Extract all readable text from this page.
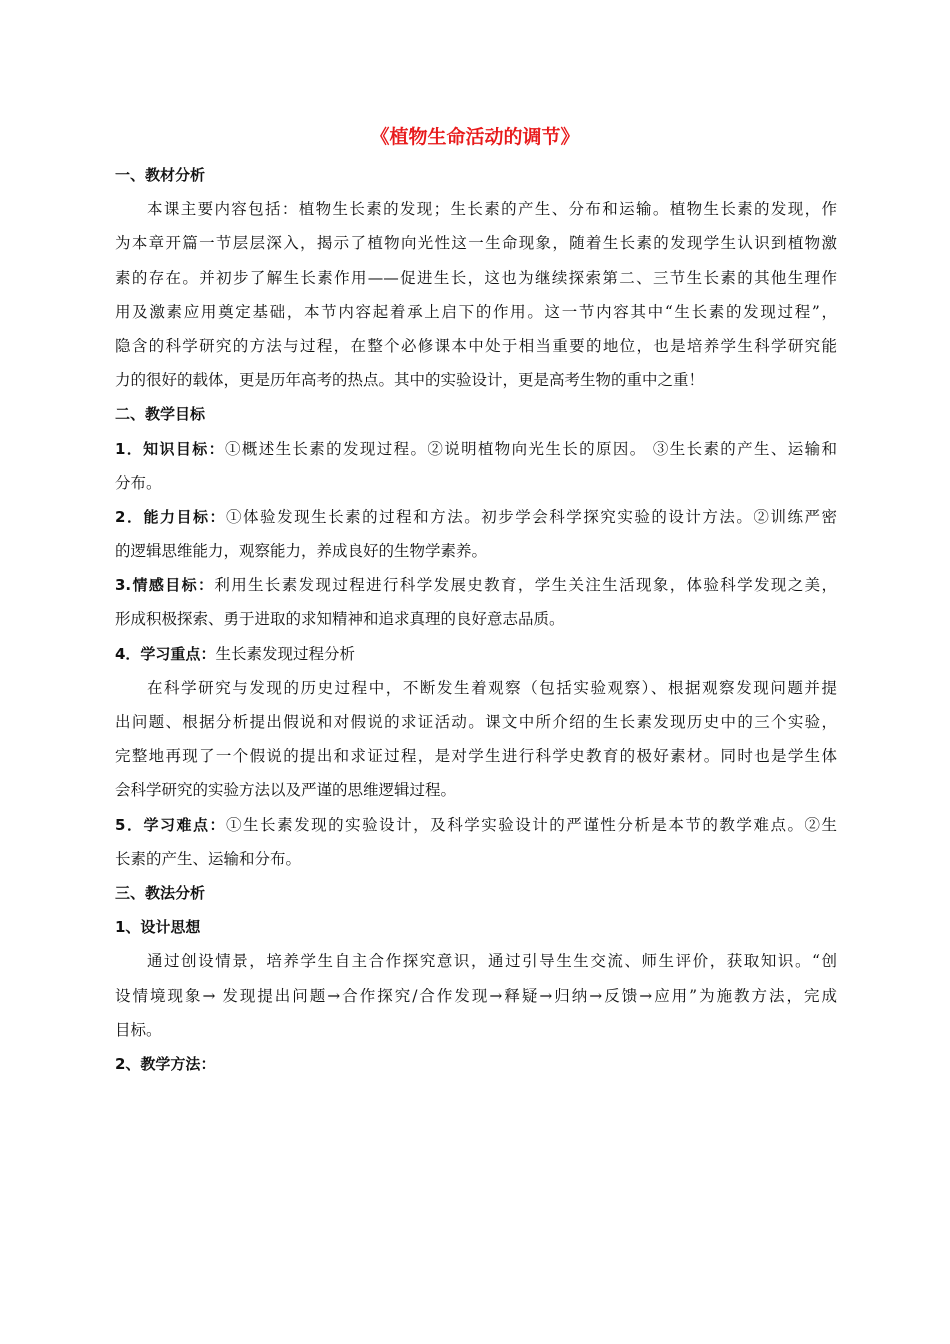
《植物生命活动的调节》
一、教材分析
本课主要内容包括：植物生长素的发现；生长素的产生、分布和运输。植物生长素的发现，作
为本章开篇一节层层深入，揭示了植物向光性这一生命现象，随着生长素的发现学生认识到植物激
素的存在。并初步了解生长素作用——促进生长，这也为继续探索第二、三节生长素的其他生理作
用及激素应用奠定基础，本节内容起着承上启下的作用。这一节内容其中“生长素的发现过程”，
隐含的科学研究的方法与过程，在整个必修课本中处于相当重要的地位，也是培养学生科学研究能
力的很好的载体，更是历年高考的热点。其中的实验设计，更是高考生物的重中之重！
二、教学目标
1．知识目标：①概述生长素的发现过程。②说明植物向光生长的原因。 ③生长素的产生、运输和
分布。
2．能力目标：①体验发现生长素的过程和方法。初步学会科学探究实验的设计方法。②训练严密
的逻辑思维能力，观察能力，养成良好的生物学素养。
3.情感目标：利用生长素发现过程进行科学发展史教育，学生关注生活现象，体验科学发现之美，
形成积极探索、勇于进取的求知精神和追求真理的良好意志品质。
4．学习重点：生长素发现过程分析
在科学研究与发现的历史过程中，不断发生着观察（包括实验观察）、根据观察发现问题并提
出问题、根据分析提出假说和对假说的求证活动。课文中所介绍的生长素发现历史中的三个实验，
完整地再现了一个假说的提出和求证过程，是对学生进行科学史教育的极好素材。同时也是学生体
会科学研究的实验方法以及严谨的思维逻辑过程。
5．学习难点：①生长素发现的实验设计，及科学实验设计的严谨性分析是本节的教学难点。②生
长素的产生、运输和分布。
三、教法分析
1、设计思想
通过创设情景，培养学生自主合作探究意识，通过引导生生交流、师生评价，获取知识。“创
设情境现象→ 发现提出问题→合作探究/合作发现→释疑→归纳→反馈→应用”为施教方法，完成
目标。
2、教学方法：
